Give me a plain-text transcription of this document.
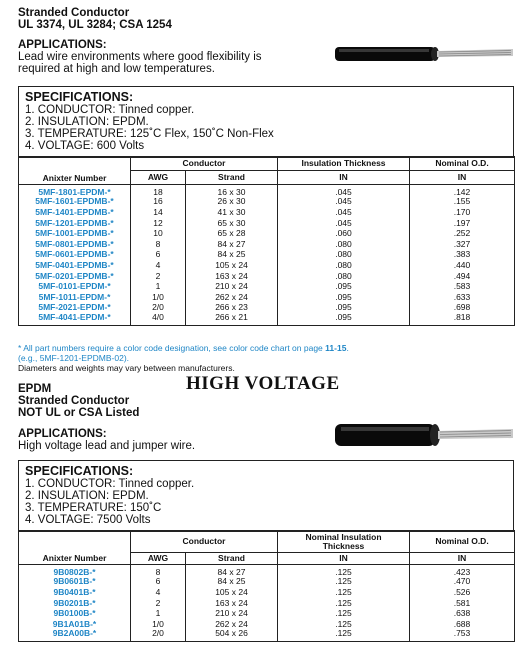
Stranded Conductor
UL 3374, UL 3284; CSA 1254
APPLICATIONS:
Lead wire environments where good flexibility is
required at high and low temperatures.
SPECIFICATIONS:
1. CONDUCTOR: Tinned copper.
2. INSULATION: EPDM.
3. TEMPERATURE: 125˚C Flex, 150˚C Non-Flex
4. VOLTAGE: 600 Volts
Anixter Number	Conductor		Insulation Thickness	Nominal O.D.
	AWG	Strand	IN	IN
5MF-1801-EPDM-*	18	16 x 30	.045	.142
5MF-1601-EPDMB-*	16	26 x 30	.045	.155
5MF-1401-EPDMB-*	14	41 x 30	.045	.170
5MF-1201-EPDMB-*	12	65 x 30	.045	.197
5MF-1001-EPDMB-*	10	65 x 28	.060	.252
5MF-0801-EPDMB-*	8	84 x 27	.080	.327
5MF-0601-EPDMB-*	6	84 x 25	.080	.383
5MF-0401-EPDMB-*	4	105 x 24	.080	.440
5MF-0201-EPDMB-*	2	163 x 24	.080	.494
5MF-0101-EPDM-*	1	210 x 24	.095	.583
5MF-1011-EPDM-*	1/0	262 x 24	.095	.633
5MF-2021-EPDM-*	2/0	266 x 23	.095	.698
5MF-4041-EPDM-*	4/0	266 x 21	.095	.818
* All part numbers require a color code designation, see color code chart on page 11-15.
(e.g., 5MF-1201-EPDMB-02).
Diameters and weights may vary between manufacturers.
HIGH VOLTAGE
EPDM
Stranded Conductor
NOT UL or CSA Listed
APPLICATIONS:
High voltage lead and jumper wire.
SPECIFICATIONS:
1. CONDUCTOR: Tinned copper.
2. INSULATION: EPDM.
3. TEMPERATURE: 150˚C
4. VOLTAGE: 7500 Volts
Anixter Number	Conductor		Nominal Insulation Thickness	Nominal O.D.
	AWG	Strand	IN	IN
9B0802B-*	8	84 x 27	.125	.423
9B0601B-*	6	84 x 25	.125	.470
9B0401B-*	4	105 x 24	.125	.526
9B0201B-*	2	163 x 24	.125	.581
9B0100B-*	1	210 x 24	.125	.638
9B1A01B-*	1/0	262 x 24	.125	.688
9B2A00B-*	2/0	504 x 26	.125	.753
